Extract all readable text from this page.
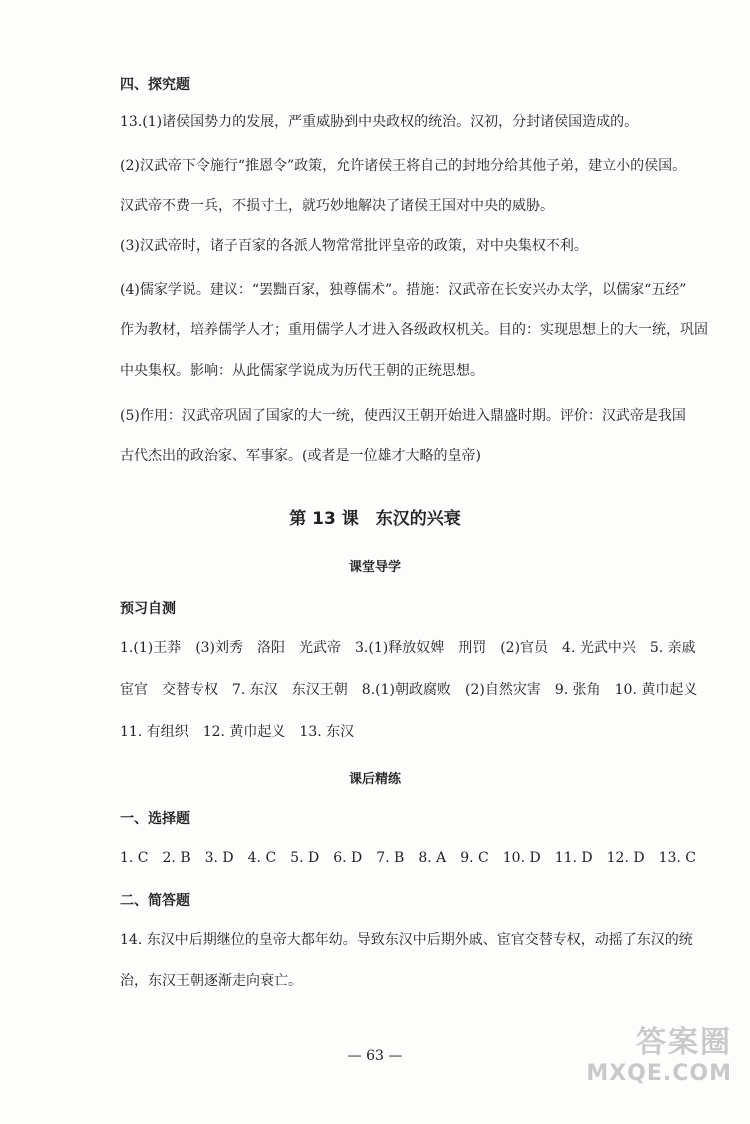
四、探究题
13.(1)诸侯国势力的发展，严重威胁到中央政权的统治。汉初，分封诸侯国造成的。
(2)汉武帝下令施行“推恩令”政策，允许诸侯王将自己的封地分给其他子弟，建立小的侯国。
汉武帝不费一兵，不损寸土，就巧妙地解决了诸侯王国对中央的威胁。
(3)汉武帝时，诸子百家的各派人物常常批评皇帝的政策，对中央集权不利。
(4)儒家学说。建议：“罢黜百家，独尊儒术”。措施：汉武帝在长安兴办太学，以儒家“五经”
作为教材，培养儒学人才；重用儒学人才进入各级政权机关。目的：实现思想上的大一统，巩固
中央集权。影响：从此儒家学说成为历代王朝的正统思想。
(5)作用：汉武帝巩固了国家的大一统，使西汉王朝开始进入鼎盛时期。评价：汉武帝是我国
古代杰出的政治家、军事家。(或者是一位雄才大略的皇帝)
第 13 课　东汉的兴衰
课堂导学
预习自测
1.(1)王莽　(3)刘秀　洛阳　光武帝　3.(1)释放奴婢　刑罚　(2)官员　4. 光武中兴　5. 亲戚
宦官　交替专权　7. 东汉　东汉王朝　8.(1)朝政腐败　(2)自然灾害　9. 张角　10. 黄巾起义
11. 有组织　12. 黄巾起义　13. 东汉
课后精练
一、选择题
1. C　2. B　3. D　4. C　5. D　6. D　7. B　8. A　9. C　10. D　11. D　12. D　13. C
二、简答题
14. 东汉中后期继位的皇帝大都年幼。导致东汉中后期外戚、宦官交替专权，动摇了东汉的统
治，东汉王朝逐渐走向衰亡。
— 63 —	答案圈
MXQE.COM
